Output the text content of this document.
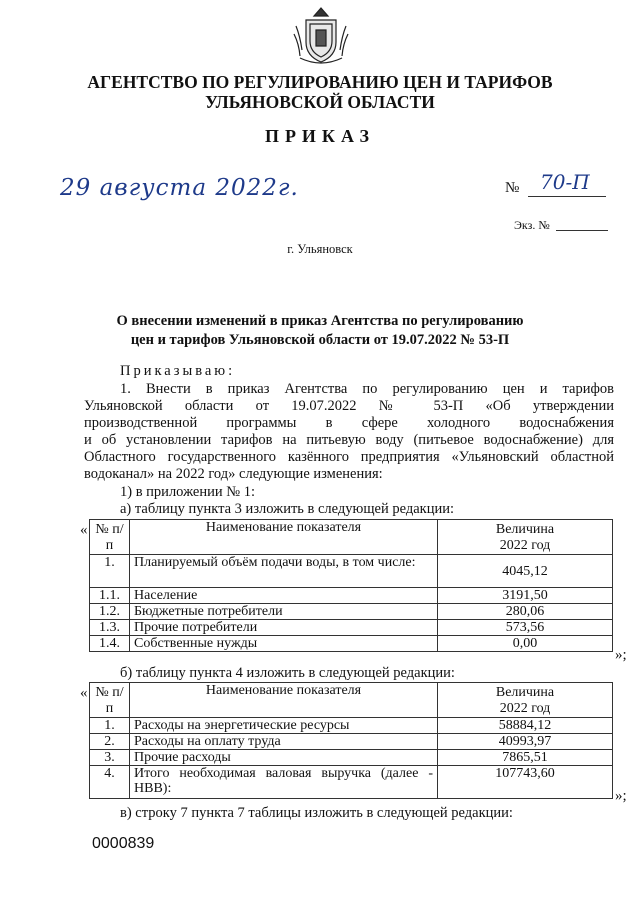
АГЕНТСТВО ПО РЕГУЛИРОВАНИЮ ЦЕН И ТАРИФОВ
УЛЬЯНОВСКОЙ ОБЛАСТИ
ПРИКАЗ
29 августа 2022г.	№ 70-П
Экз. №
г. Ульяновск
О внесении изменений в приказ Агентства по регулированию
цен и тарифов Ульяновской области от 19.07.2022 № 53-П
Приказываю:
1. Внести в приказ Агентства по регулированию цен и тарифов
Ульяновской области от 19.07.2022 № 53-П «Об утверждении
производственной программы в сфере холодного водоснабжения
и об установлении тарифов на питьевую воду (питьевое водоснабжение) для
Областного государственного казённого предприятия «Ульяновский областной
водоканал» на 2022 год» следующие изменения:
1) в приложении № 1:
а) таблицу пункта 3 изложить в следующей редакции:
« № п/п	Наименование показателя	Величина
2022 год

1.	Планируемый объём подачи воды, в том числе:	4045,12
1.1.	Население	3191,50
1.2.	Бюджетные потребители	280,06
1.3.	Прочие потребители	573,56
1.4.	Собственные нужды	0,00
»;
б) таблицу пункта 4 изложить в следующей редакции:
« № п/п	Наименование показателя	Величина
2022 год

1.	Расходы на энергетические ресурсы	58884,12
2.	Расходы на оплату труда	40993,97
3.	Прочие расходы	7865,51
4.	Итого необходимая валовая выручка (далее - НВВ):	107743,60
»;
в) строку 7 пункта 7 таблицы изложить в следующей редакции:
0000839
